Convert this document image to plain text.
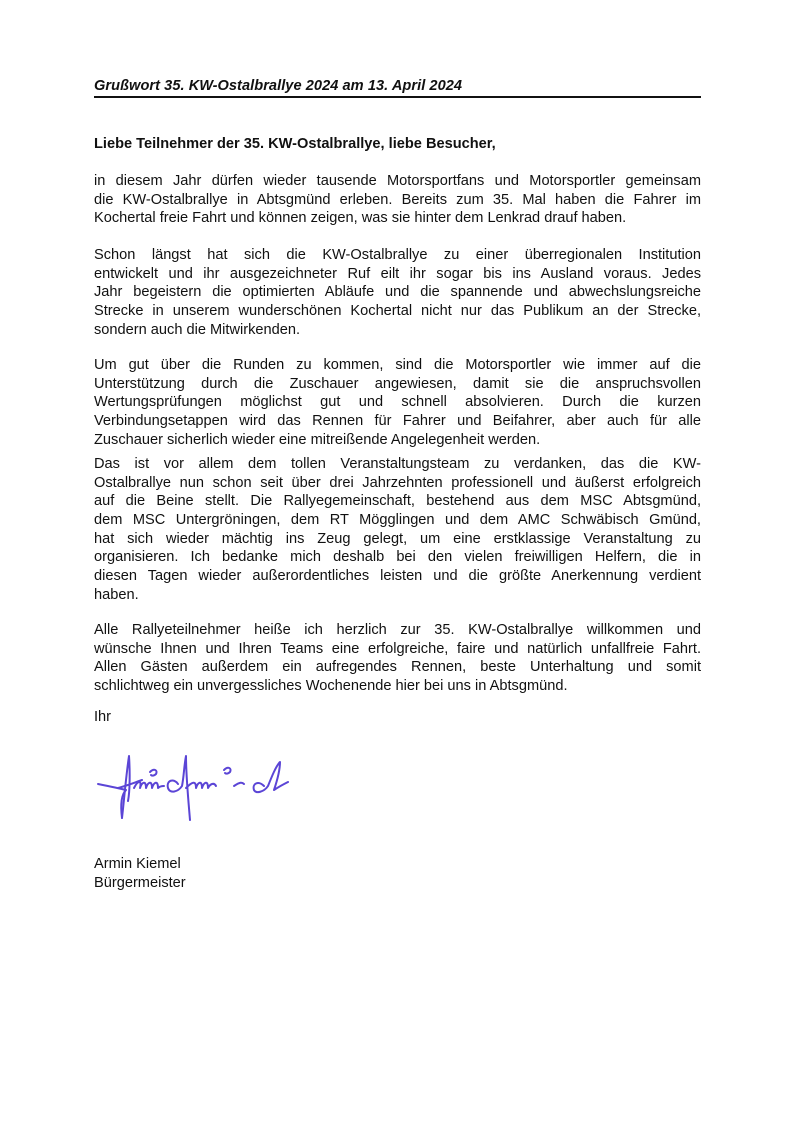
Grußwort 35. KW-Ostalbrallye 2024 am 13. April 2024
Liebe Teilnehmer der 35. KW-Ostalbrallye, liebe Besucher,
in diesem Jahr dürfen wieder tausende Motorsportfans und Motorsportler gemeinsam
die KW-Ostalbrallye in Abtsgmünd erleben. Bereits zum 35. Mal haben die Fahrer im
Kochertal freie Fahrt und können zeigen, was sie hinter dem Lenkrad drauf haben.
Schon längst hat sich die KW-Ostalbrallye zu einer überregionalen Institution
entwickelt und ihr ausgezeichneter Ruf eilt ihr sogar bis ins Ausland voraus. Jedes
Jahr begeistern die optimierten Abläufe und die spannende und abwechslungsreiche
Strecke in unserem wunderschönen Kochertal nicht nur das Publikum an der Strecke,
sondern auch die Mitwirkenden.
Um gut über die Runden zu kommen, sind die Motorsportler wie immer auf die
Unterstützung durch die Zuschauer angewiesen, damit sie die anspruchsvollen
Wertungsprüfungen möglichst gut und schnell absolvieren. Durch die kurzen
Verbindungsetappen wird das Rennen für Fahrer und Beifahrer, aber auch für alle
Zuschauer sicherlich wieder eine mitreißende Angelegenheit werden.
Das ist vor allem dem tollen Veranstaltungsteam zu verdanken, das die KW-
Ostalbrallye nun schon seit über drei Jahrzehnten professionell und äußerst erfolgreich
auf die Beine stellt. Die Rallyegemeinschaft, bestehend aus dem MSC Abtsgmünd,
dem MSC Untergröningen, dem RT Mögglingen und dem AMC Schwäbisch Gmünd,
hat sich wieder mächtig ins Zeug gelegt, um eine erstklassige Veranstaltung zu
organisieren. Ich bedanke mich deshalb bei den vielen freiwilligen Helfern, die in
diesen Tagen wieder außerordentliches leisten und die größte Anerkennung verdient
haben.
Alle Rallyeteilnehmer heiße ich herzlich zur 35. KW-Ostalbrallye willkommen und
wünsche Ihnen und Ihren Teams eine erfolgreiche, faire und natürlich unfallfreie Fahrt.
Allen Gästen außerdem ein aufregendes Rennen, beste Unterhaltung und somit
schlichtweg ein unvergessliches Wochenende hier bei uns in Abtsgmünd.
Ihr
Armin Kiemel
Bürgermeister
